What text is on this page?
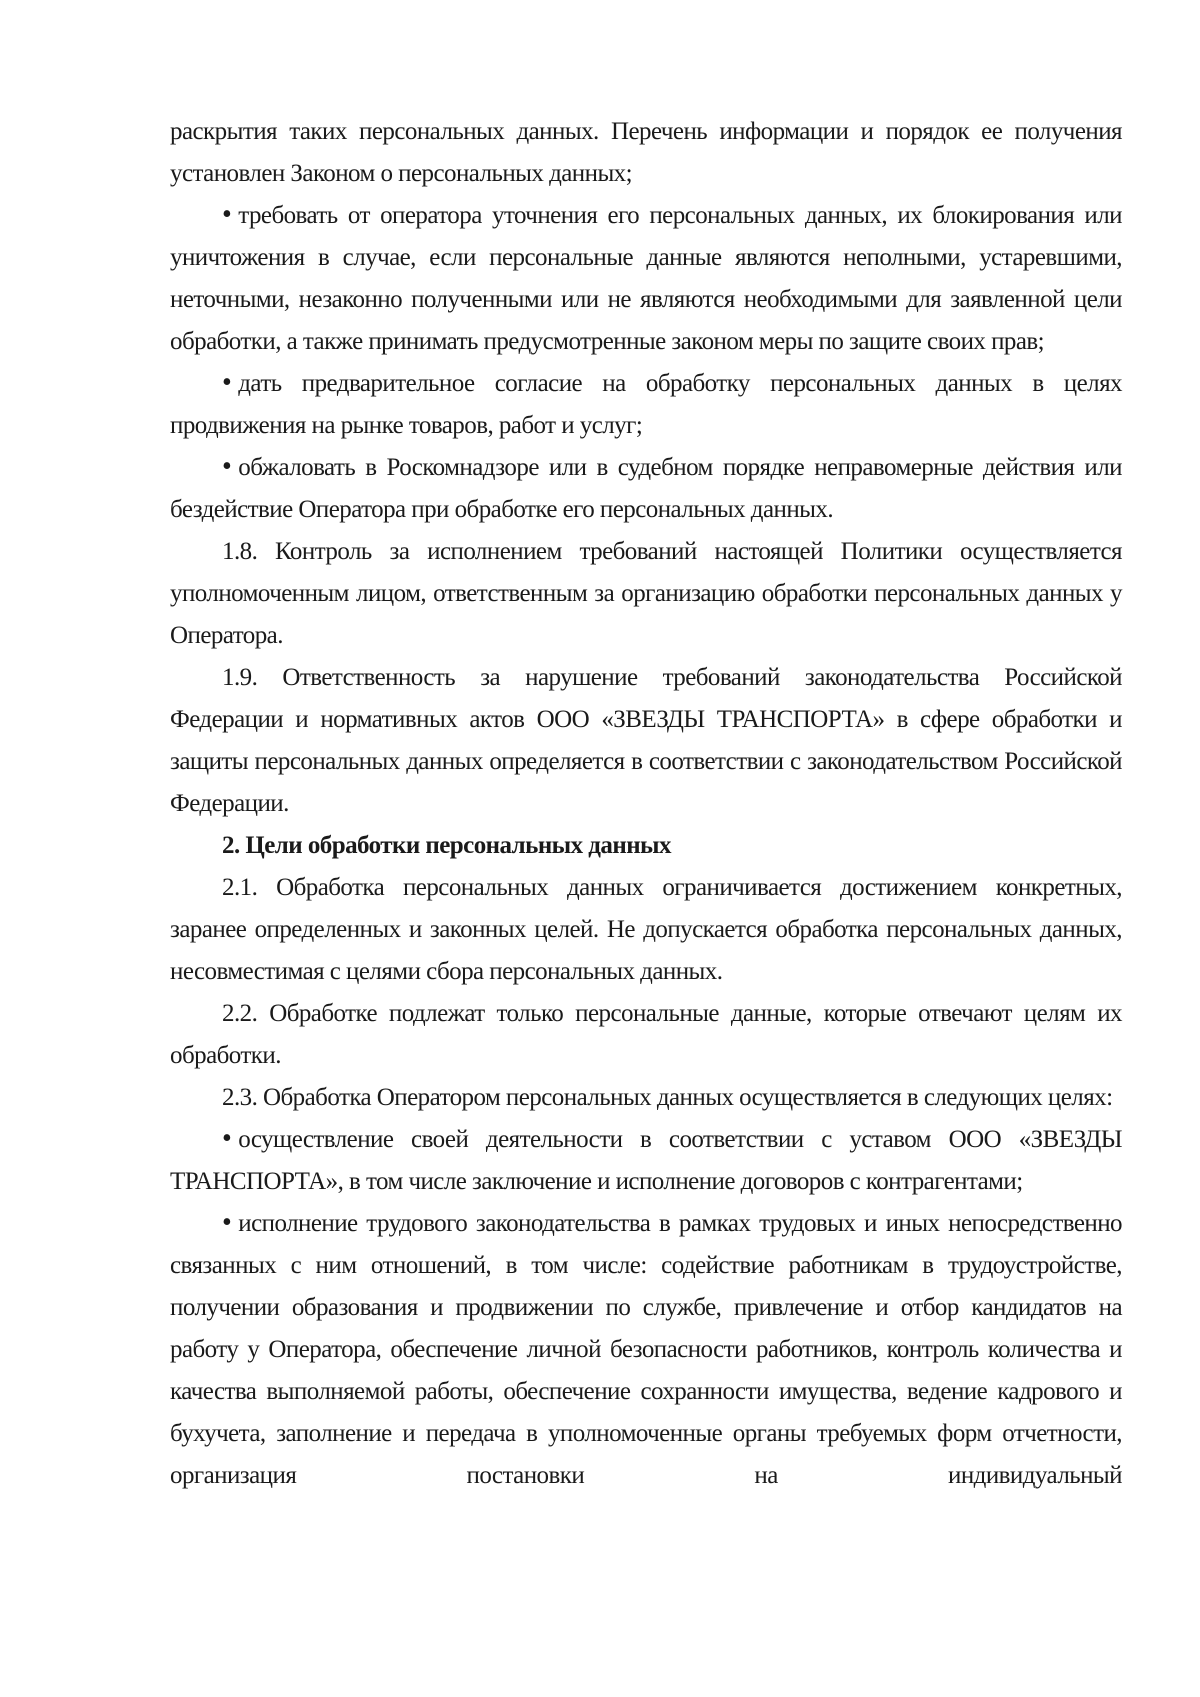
раскрытия таких персональных данных. Перечень информации и порядок ее получения установлен Законом о персональных данных;

• требовать от оператора уточнения его персональных данных, их блокирования или уничтожения в случае, если персональные данные являются неполными, устаревшими, неточными, незаконно полученными или не являются необходимыми для заявленной цели обработки, а также принимать предусмотренные законом меры по защите своих прав;

• дать предварительное согласие на обработку персональных данных в целях продвижения на рынке товаров, работ и услуг;

• обжаловать в Роскомнадзоре или в судебном порядке неправомерные действия или бездействие Оператора при обработке его персональных данных.

1.8. Контроль за исполнением требований настоящей Политики осуществляется уполномоченным лицом, ответственным за организацию обработки персональных данных у Оператора.

1.9. Ответственность за нарушение требований законодательства Российской Федерации и нормативных актов ООО «ЗВЕЗДЫ ТРАНСПОРТА» в сфере обработки и защиты персональных данных определяется в соответствии с законодательством Российской Федерации.

2. Цели обработки персональных данных

2.1. Обработка персональных данных ограничивается достижением конкретных, заранее определенных и законных целей. Не допускается обработка персональных данных, несовместимая с целями сбора персональных данных.

2.2. Обработке подлежат только персональные данные, которые отвечают целям их обработки.

2.3. Обработка Оператором персональных данных осуществляется в следующих целях:

• осуществление своей деятельности в соответствии с уставом ООО «ЗВЕЗДЫ ТРАНСПОРТА», в том числе заключение и исполнение договоров с контрагентами;

• исполнение трудового законодательства в рамках трудовых и иных непосредственно связанных с ним отношений, в том числе: содействие работникам в трудоустройстве, получении образования и продвижении по службе, привлечение и отбор кандидатов на работу у Оператора, обеспечение личной безопасности работников, контроль количества и качества выполняемой работы, обеспечение сохранности имущества, ведение кадрового и бухучета, заполнение и передача в уполномоченные органы требуемых форм отчетности, организация постановки на индивидуальный
